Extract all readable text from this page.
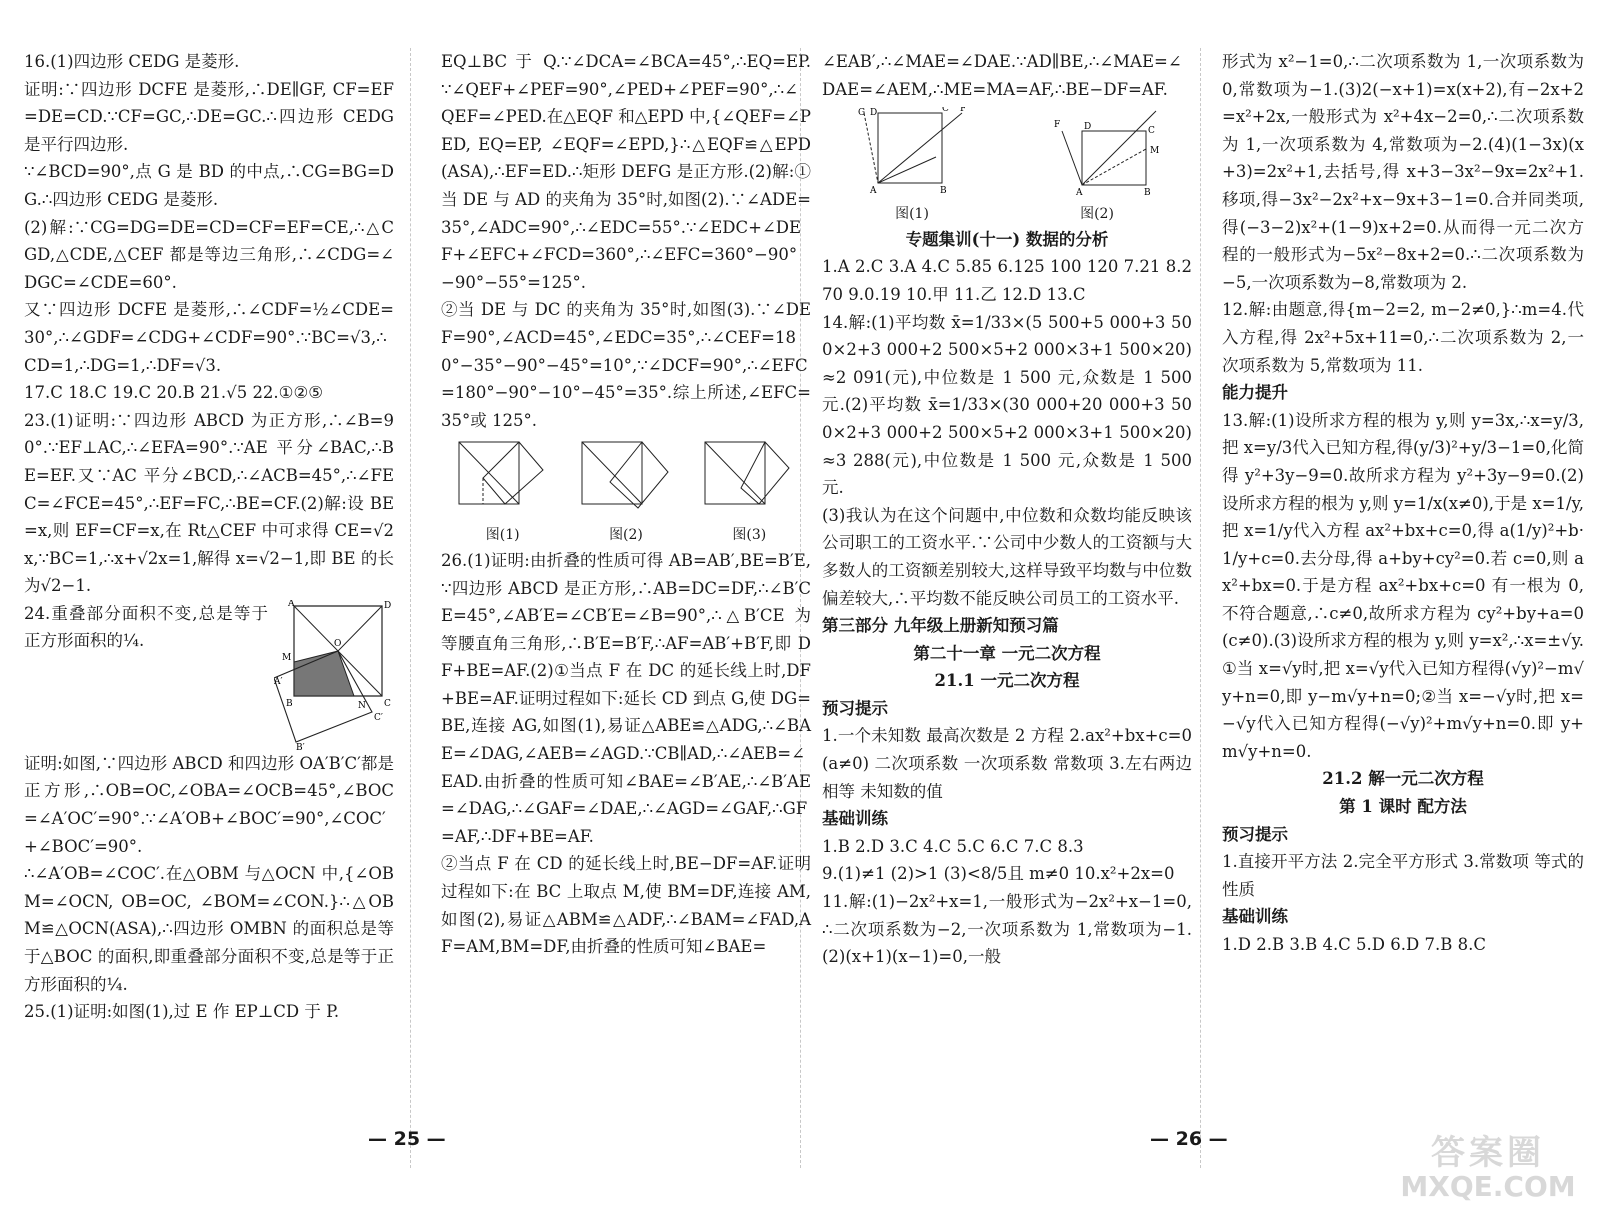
16.(1)四边形 CEDG 是菱形.

证明:∵四边形 DCFE 是菱形,∴DE∥GF, CF=EF=DE=CD.∵CF=GC,∴DE=GC.∴四边形 CEDG 是平行四边形.

∵∠BCD=90°,点 G 是 BD 的中点,∴CG=BG=DG.∴四边形 CEDG 是菱形.

(2)解:∵CG=DG=DE=CD=CF=EF=CE,∴△CGD,△CDE,△CEF 都是等边三角形,∴∠CDG=∠DGC=∠CDE=60°.

又∵四边形 DCFE 是菱形,∴∠CDF=½∠CDE=30°,∴∠GDF=∠CDG+∠CDF=90°.∵BC=√3,∴CD=1,∴DG=1,∴DF=√3.

17.C 18.C 19.C 20.B 21.√5 22.①②⑤

23.(1)证明:∵四边形 ABCD 为正方形,∴∠B=90°.∵EF⊥AC,∴∠EFA=90°.∵AE 平分∠BAC,∴BE=EF.又∵AC 平分∠BCD,∴∠ACB=45°,∴∠FEC=∠FCE=45°,∴EF=FC,∴BE=CF.(2)解:设 BE=x,则 EF=CF=x,在 Rt△CEF 中可求得 CE=√2x,∵BC=1,∴x+√2x=1,解得 x=√2−1,即 BE 的长为√2−1.

24.重叠部分面积不变,总是等于正方形面积的¼.

A	D
M
O
B	N C
C′
A′
B′

证明:如图,∵四边形 ABCD 和四边形 OA′B′C′都是正方形,∴OB=OC,∠OBA=∠OCB=45°,∠BOC=∠A′OC′=90°.∵∠A′OB+∠BOC′=90°,∠COC′+∠BOC′=90°.

∴∠A′OB=∠COC′.在△OBM 与△OCN 中,{∠OBM=∠OCN, OB=OC, ∠BOM=∠CON.}∴△OBM≌△OCN(ASA),∴四边形 OMBN 的面积总是等于△BOC 的面积,即重叠部分面积不变,总是等于正方形面积的¼.

25.(1)证明:如图(1),过 E 作 EP⊥CD 于 P.

EQ⊥BC 于 Q.∵∠DCA=∠BCA=45°,∴EQ=EP.∵∠QEF+∠PEF=90°,∠PED+∠PEF=90°,∴∠QEF=∠PED.在△EQF 和△EPD 中,{∠QEF=∠PED, EQ=EP, ∠EQF=∠EPD,}∴△EQF≌△EPD(ASA),∴EF=ED.∴矩形 DEFG 是正方形.(2)解:①当 DE 与 AD 的夹角为 35°时,如图(2).∵∠ADE=35°,∠ADC=90°,∴∠EDC=55°.∵∠EDC+∠DEF+∠EFC+∠FCD=360°,∴∠EFC=360°−90°−90°−55°=125°.

②当 DE 与 DC 的夹角为 35°时,如图(3).∵∠DEF=90°,∠ACD=45°,∠EDC=35°,∴∠CEF=180°−35°−90°−45°=10°,∵∠DCF=90°,∴∠EFC=180°−90°−10°−45°=35°.综上所述,∠EFC=35°或 125°.

图(1)	图(2)	图(3)

26.(1)证明:由折叠的性质可得 AB=AB′,BE=B′E,∵四边形 ABCD 是正方形,∴AB=DC=DF,∴∠B′CE=45°,∠AB′E=∠CB′E=∠B=90°,∴△B′CE 为等腰直角三角形,∴B′E=B′F,∴AF=AB′+B′F,即 DF+BE=AF.(2)①当点 F 在 DC 的延长线上时,DF+BE=AF.证明过程如下:延长 CD 到点 G,使 DG=BE,连接 AG,如图(1),易证△ABE≌△ADG,∴∠BAE=∠DAG,∠AEB=∠AGD.∵CB∥AD,∴∠AEB=∠EAD.由折叠的性质可知∠BAE=∠B′AE,∴∠B′AE=∠DAG,∴∠GAF=∠DAE,∴∠AGD=∠GAF,∴GF=AF,∴DF+BE=AF.

②当点 F 在 CD 的延长线上时,BE−DF=AF.证明过程如下:在 BC 上取点 M,使 BM=DF,连接 AM,如图(2),易证△ABM≌△ADF,∴∠BAM=∠FAD,AF=AM,BM=DF,由折叠的性质可知∠BAE=

∠EAB′,∴∠MAE=∠DAE.∵AD∥BE,∴∠MAE=∠DAE=∠AEM,∴ME=MA=AF,∴BE−DF=AF.

G D	C F
A	B
图(1)
F	D	C
M
A	B
图(2)

专题集训(十一) 数据的分析

1.A 2.C 3.A 4.C 5.85 6.125 100 120 7.21 8.270 9.0.19 10.甲 11.乙 12.D 13.C

14.解:(1)平均数 x̄=1/33×(5 500+5 000+3 500×2+3 000+2 500×5+2 000×3+1 500×20)≈2 091(元),中位数是 1 500 元,众数是 1 500 元.(2)平均数 x̄=1/33×(30 000+20 000+3 500×2+3 000+2 500×5+2 000×3+1 500×20)≈3 288(元),中位数是 1 500 元,众数是 1 500 元.

(3)我认为在这个问题中,中位数和众数均能反映该公司职工的工资水平.∵公司中少数人的工资额与大多数人的工资额差别较大,这样导致平均数与中位数偏差较大,∴平均数不能反映公司员工的工资水平.

第三部分 九年级上册新知预习篇

第二十一章 一元二次方程

21.1 一元二次方程

预习提示

1.一个未知数 最高次数是 2 方程 2.ax²+bx+c=0(a≠0) 二次项系数 一次项系数 常数项 3.左右两边相等 未知数的值

基础训练

1.B 2.D 3.C 4.C 5.C 6.C 7.C 8.3

9.(1)≠1 (2)>1 (3)<8/5且 m≠0 10.x²+2x=0

11.解:(1)−2x²+x=1,一般形式为−2x²+x−1=0,∴二次项系数为−2,一次项系数为 1,常数项为−1.(2)(x+1)(x−1)=0,一般

形式为 x²−1=0,∴二次项系数为 1,一次项系数为 0,常数项为−1.(3)2(−x+1)=x(x+2),有−2x+2=x²+2x,一般形式为 x²+4x−2=0,∴二次项系数为 1,一次项系数为 4,常数项为−2.(4)(1−3x)(x+3)=2x²+1,去括号,得 x+3−3x²−9x=2x²+1.移项,得−3x²−2x²+x−9x+3−1=0.合并同类项,得(−3−2)x²+(1−9)x+2=0.从而得一元二次方程的一般形式为−5x²−8x+2=0.∴二次项系数为−5,一次项系数为−8,常数项为 2.

12.解:由题意,得{m−2=2, m−2≠0,}∴m=4.代入方程,得 2x²+5x+11=0,∴二次项系数为 2,一次项系数为 5,常数项为 11.

能力提升

13.解:(1)设所求方程的根为 y,则 y=3x,∴x=y/3,把 x=y/3代入已知方程,得(y/3)²+y/3−1=0,化简得 y²+3y−9=0.故所求方程为 y²+3y−9=0.(2)设所求方程的根为 y,则 y=1/x(x≠0),于是 x=1/y,把 x=1/y代入方程 ax²+bx+c=0,得 a(1/y)²+b·1/y+c=0.去分母,得 a+by+cy²=0.若 c=0,则 ax²+bx=0.于是方程 ax²+bx+c=0 有一根为 0,不符合题意,∴c≠0,故所求方程为 cy²+by+a=0(c≠0).(3)设所求方程的根为 y,则 y=x²,∴x=±√y.①当 x=√y时,把 x=√y代入已知方程得(√y)²−m√y+n=0,即 y−m√y+n=0;②当 x=−√y时,把 x=−√y代入已知方程得(−√y)²+m√y+n=0.即 y+m√y+n=0.

21.2 解一元二次方程

第 1 课时 配方法

预习提示

1.直接开平方法 2.完全平方形式 3.常数项 等式的性质

基础训练

1.D 2.B 3.B 4.C 5.D 6.D 7.B 8.C

— 25 —	— 26 —	答案圈
MXQE.COM
